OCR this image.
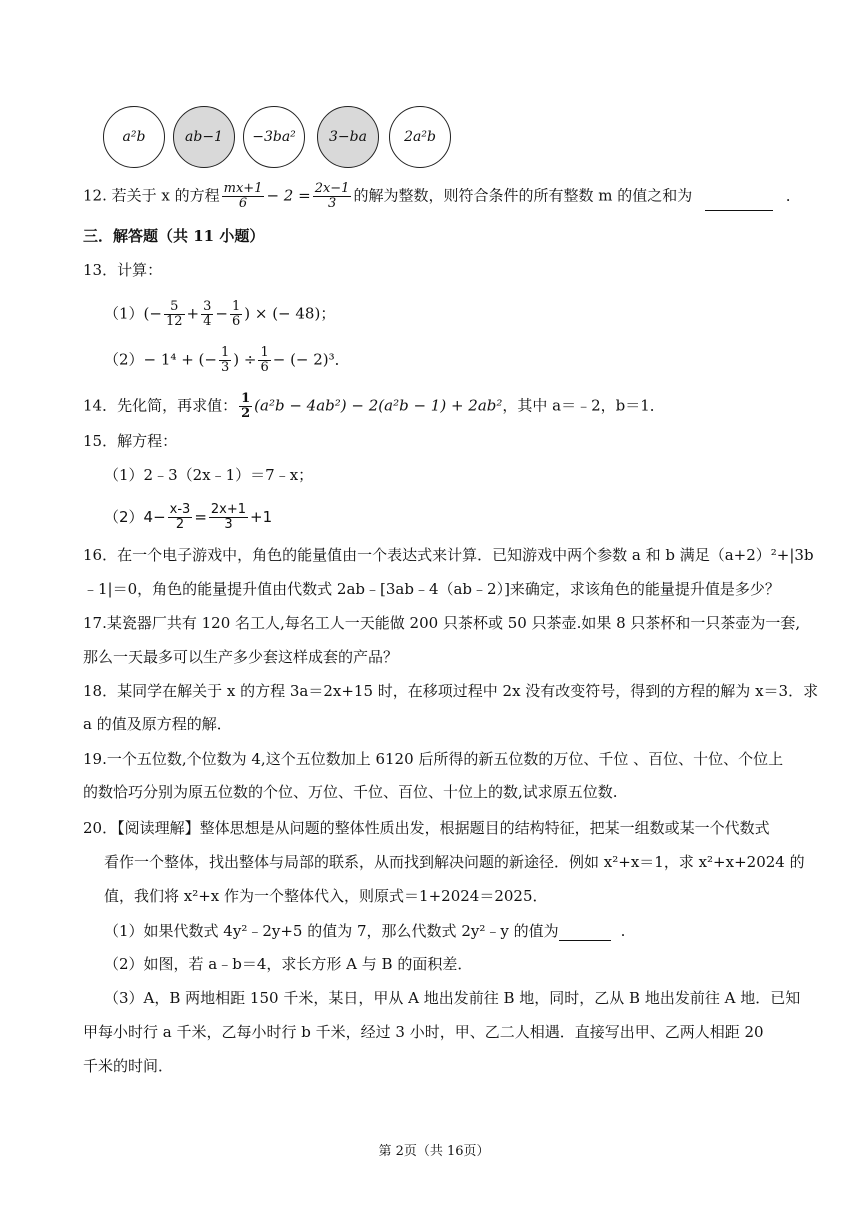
a²b	ab−1 −3ba² 3−ba	2a²b
12. 若关于 x 的方程 $\frac{mx+1}{6} - 2 = \frac{2x-1}{3}$ 的解为整数，则符合条件的所有整数 m 的值之和为	.
三．解答题（共 11 小题）
13．计算：
$(1)(- \frac{5}{12} + \frac{3}{4} - \frac{1}{6}$ ) × (− 48)；
（2）− 1⁴ + (− $\frac{1}{3}$ ) ÷ $\frac{1}{6}$ − (− 2)³．
14．先化简，再求值： $\frac{1}{2} (a^2b - 4ab^2) - 2(a^2b - 1) + 2ab^2$，其中 a＝﹣2，b＝1．
15．解方程：
（1）2﹣3（2x﹣1）＝7﹣x；
$(2)4- \frac{x-3}{2} = \frac{2x+1}{3} +1$
16．在一个电子游戏中，角色的能量值由一个表达式来计算．已知游戏中两个参数 a 和 b 满足（a+2）²+|3b
﹣1|＝0，角色的能量提升值由代数式 2ab﹣[3ab﹣4（ab﹣2）]来确定，求该角色的能量提升值是多少？
17.某瓷器厂共有 120 名工人,每名工人一天能做 200 只茶杯或 50 只茶壶.如果 8 只茶杯和一只茶壶为一套,
那么一天最多可以生产多少套这样成套的产品？
18．某同学在解关于 x 的方程 3a＝2x+15 时，在移项过程中 2x 没有改变符号，得到的方程的解为 x＝3．求
a 的值及原方程的解．
19.一个五位数,个位数为 4,这个五位数加上 6120 后所得的新五位数的万位、千位 、百位、十位、个位上
的数恰巧分别为原五位数的个位、万位、千位、百位、十位上的数,试求原五位数.
20．【阅读理解】整体思想是从问题的整体性质出发，根据题目的结构特征，把某一组数或某一个代数式
看作一个整体，找出整体与局部的联系，从而找到解决问题的新途径．例如 x²+x＝1，求 x²+x+2024 的
值，我们将 x²+x 作为一个整体代入，则原式＝1+2024＝2025．
（1）如果代数式 4y²﹣2y+5 的值为 7，那么代数式 2y²﹣y 的值为	.
（2）如图，若 a﹣b＝4，求长方形 A 与 B 的面积差．
（3）A，B 两地相距 150 千米，某日，甲从 A 地出发前往 B 地，同时，乙从 B 地出发前往 A 地．已知
甲每小时行 a 千米，乙每小时行 b 千米，经过 3 小时，甲、乙二人相遇．直接写出甲、乙两人相距 20
千米的时间．
第 2页（共 16页）
